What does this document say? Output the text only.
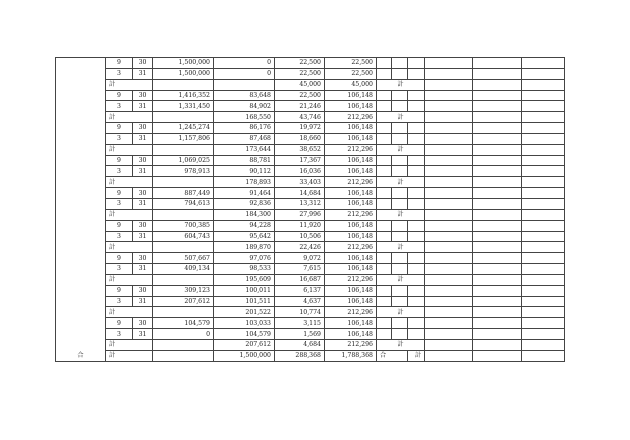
	9	30	1,500,000	0	22,500	22,500						
	3	31	1,500,000	0	22,500	22,500						
	計				45,000	45,000	計					
	9	30	1,416,352	83,648	22,500	106,148						
	3	31	1,331,450	84,902	21,246	106,148						
	計			168,550	43,746	212,296	計					
	9	30	1,245,274	86,176	19,972	106,148						
	3	31	1,157,806	87,468	18,660	106,148						
	計			173,644	38,652	212,296	計					
	9	30	1,069,025	88,781	17,367	106,148						
	3	31	978,913	90,112	16,036	106,148						
	計			178,893	33,403	212,296	計					
	9	30	887,449	91,464	14,684	106,148						
	3	31	794,613	92,836	13,312	106,148						
	計			184,300	27,996	212,296	計					
	9	30	700,385	94,228	11,920	106,148						
	3	31	604,743	95,642	10,506	106,148						
	計			189,870	22,426	212,296	計					
	9	30	507,667	97,076	9,072	106,148						
	3	31	409,134	98,533	7,615	106,148						
	計			195,609	16,687	212,296	計					
	9	30	309,123	100,011	6,137	106,148						
	3	31	207,612	101,511	4,637	106,148						
	計			201,522	10,774	212,296	計					
	9	30	104,579	103,033	3,115	106,148						
	3	31	0	104,579	1,569	106,148						
	計			207,612	4,684	212,296	計					
合	計			1,500,000	288,368	1,788,368	合		計			
